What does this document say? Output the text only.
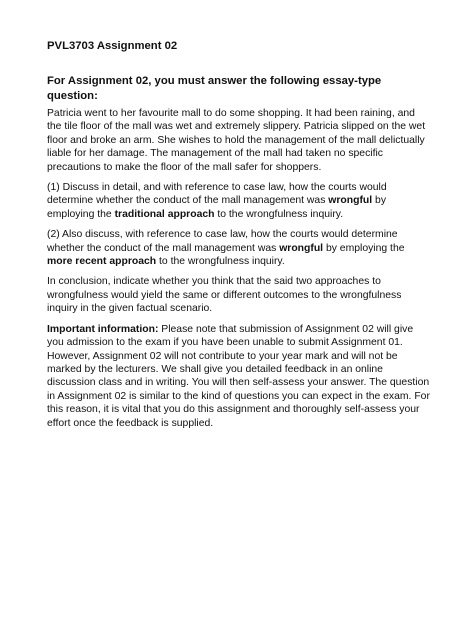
PVL3703 Assignment 02
For Assignment 02, you must answer the following essay-type question:

Patricia went to her favourite mall to do some shopping. It had been raining, and the tile floor of the mall was wet and extremely slippery. Patricia slipped on the wet floor and broke an arm. She wishes to hold the management of the mall delictually liable for her damage. The management of the mall had taken no specific precautions to make the floor of the mall safer for shoppers.

(1) Discuss in detail, and with reference to case law, how the courts would determine whether the conduct of the mall management was wrongful by employing the traditional approach to the wrongfulness inquiry.

(2) Also discuss, with reference to case law, how the courts would determine whether the conduct of the mall management was wrongful by employing the more recent approach to the wrongfulness inquiry.

In conclusion, indicate whether you think that the said two approaches to wrongfulness would yield the same or different outcomes to the wrongfulness inquiry in the given factual scenario.

Important information: Please note that submission of Assignment 02 will give you admission to the exam if you have been unable to submit Assignment 01. However, Assignment 02 will not contribute to your year mark and will not be marked by the lecturers. We shall give you detailed feedback in an online discussion class and in writing. You will then self-assess your answer. The question in Assignment 02 is similar to the kind of questions you can expect in the exam. For this reason, it is vital that you do this assignment and thoroughly self-assess your effort once the feedback is supplied.
